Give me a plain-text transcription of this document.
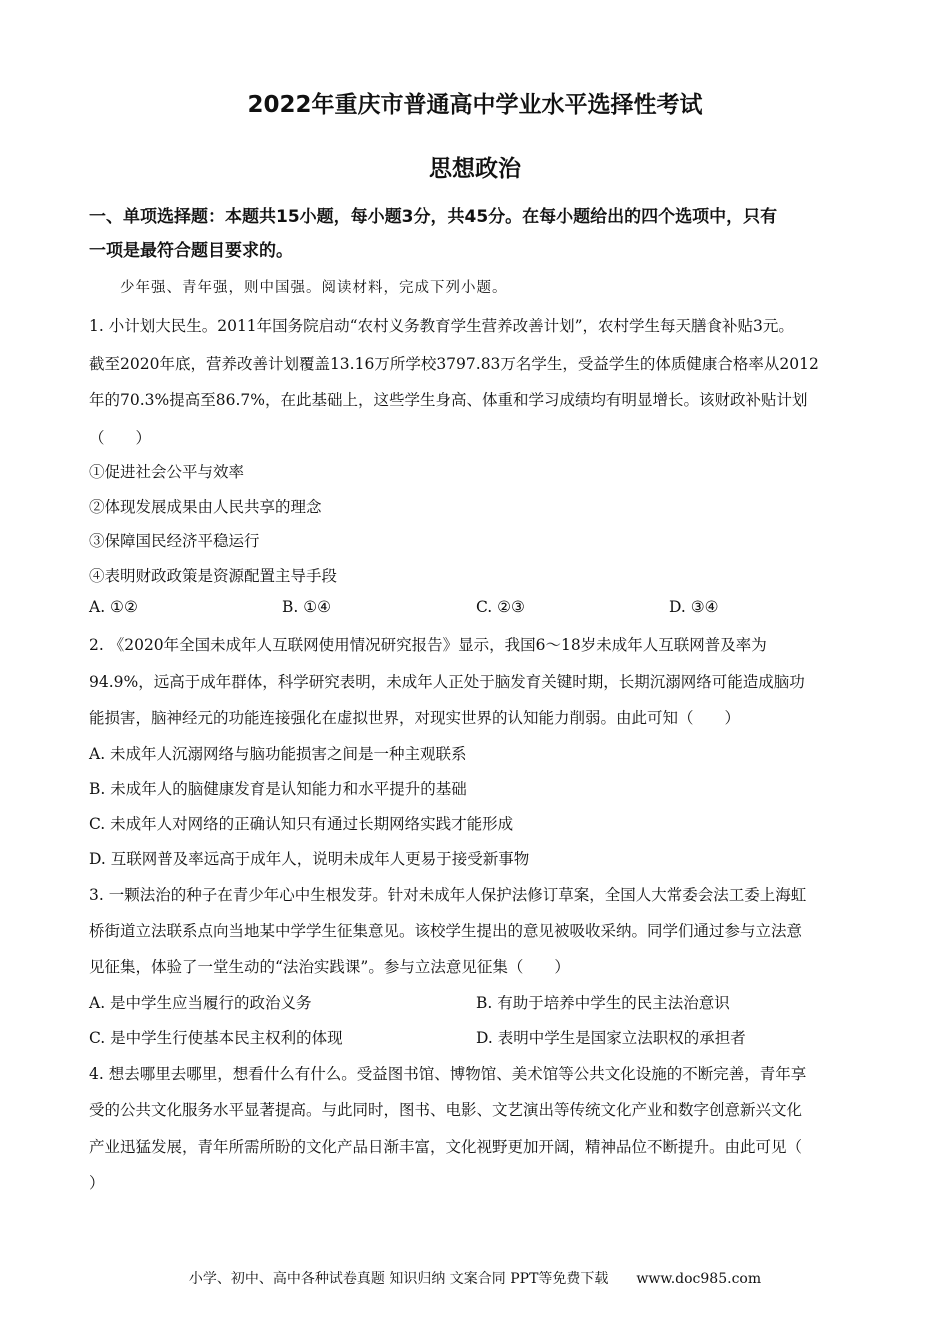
2022年重庆市普通高中学业水平选择性考试
思想政治
一、单项选择题：本题共15小题，每小题3分，共45分。在每小题给出的四个选项中，只有
一项是最符合题目要求的。
少年强、青年强，则中国强。阅读材料，完成下列小题。
1. 小计划大民生。2011年国务院启动“农村义务教育学生营养改善计划”，农村学生每天膳食补贴3元。
截至2020年底，营养改善计划覆盖13.16万所学校3797.83万名学生，受益学生的体质健康合格率从2012
年的70.3%提高至86.7%，在此基础上，这些学生身高、体重和学习成绩均有明显增长。该财政补贴计划
（　　）
①促进社会公平与效率
②体现发展成果由人民共享的理念
③保障国民经济平稳运行
④表明财政政策是资源配置主导手段
A. ①②	B. ①④	C. ②③	D. ③④
2. 《2020年全国未成年人互联网使用情况研究报告》显示，我国6～18岁未成年人互联网普及率为
94.9%，远高于成年群体，科学研究表明，未成年人正处于脑发育关键时期，长期沉溺网络可能造成脑功
能损害，脑神经元的功能连接强化在虚拟世界，对现实世界的认知能力削弱。由此可知（　　）
A. 未成年人沉溺网络与脑功能损害之间是一种主观联系
B. 未成年人的脑健康发育是认知能力和水平提升的基础
C. 未成年人对网络的正确认知只有通过长期网络实践才能形成
D. 互联网普及率远高于成年人，说明未成年人更易于接受新事物
3. 一颗法治的种子在青少年心中生根发芽。针对未成年人保护法修订草案，全国人大常委会法工委上海虹
桥街道立法联系点向当地某中学学生征集意见。该校学生提出的意见被吸收采纳。同学们通过参与立法意
见征集，体验了一堂生动的“法治实践课”。参与立法意见征集（　　）
A. 是中学生应当履行的政治义务	B. 有助于培养中学生的民主法治意识
C. 是中学生行使基本民主权利的体现	D. 表明中学生是国家立法职权的承担者
4. 想去哪里去哪里，想看什么有什么。受益图书馆、博物馆、美术馆等公共文化设施的不断完善，青年享
受的公共文化服务水平显著提高。与此同时，图书、电影、文艺演出等传统文化产业和数字创意新兴文化
产业迅猛发展，青年所需所盼的文化产品日渐丰富，文化视野更加开阔，精神品位不断提升。由此可见（
）
小学、初中、高中各种试卷真题 知识归纳 文案合同 PPT等免费下载 www.doc985.com
